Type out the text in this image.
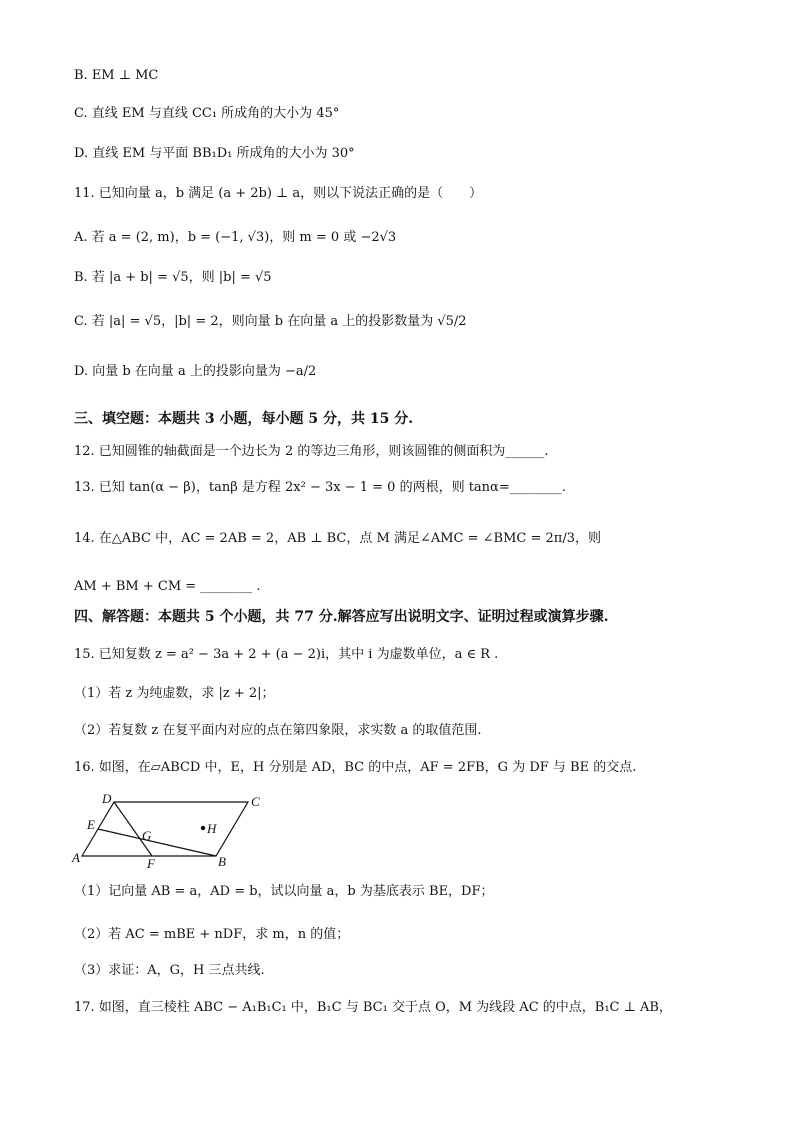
B. EM ⊥ MC
C. 直线 EM 与直线 CC₁ 所成角的大小为 45°
D. 直线 EM 与平面 BB₁D₁ 所成角的大小为 30°
11. 已知向量 a，b 满足 (a + 2b) ⊥ a，则以下说法正确的是（　　）
A. 若 a = (2, m)，b = (−1, √3)，则 m = 0 或 −2√3
B. 若 |a + b| = √5，则 |b| = √5
C. 若 |a| = √5，|b| = 2，则向量 b 在向量 a 上的投影数量为 √5/2
D. 向量 b 在向量 a 上的投影向量为 −a/2
三、填空题：本题共 3 小题，每小题 5 分，共 15 分.
12. 已知圆锥的轴截面是一个边长为 2 的等边三角形，则该圆锥的侧面积为______.
13. 已知 tan(α − β)，tanβ 是方程 2x² − 3x − 1 = 0 的两根，则 tanα=________.
14. 在△ABC 中，AC = 2AB = 2，AB ⊥ BC，点 M 满足∠AMC = ∠BMC = 2π/3，则
AM + BM + CM = ________ .
四、解答题：本题共 5 个小题，共 77 分.解答应写出说明文字、证明过程或演算步骤.
15. 已知复数 z = a² − 3a + 2 + (a − 2)i，其中 i 为虚数单位，a ∈ R .
（1）若 z 为纯虚数，求 |z + 2|；
（2）若复数 z 在复平面内对应的点在第四象限，求实数 a 的取值范围.
16. 如图，在▱ABCD 中，E，H 分别是 AD，BC 的中点，AF = 2FB，G 为 DF 与 BE 的交点.
A	B
C
D
E
F
G	H
（1）记向量 AB = a，AD = b，试以向量 a，b 为基底表示 BE，DF；
（2）若 AC = mBE + nDF，求 m，n 的值；
（3）求证：A，G，H 三点共线.
17. 如图，直三棱柱 ABC − A₁B₁C₁ 中，B₁C 与 BC₁ 交于点 O，M 为线段 AC 的中点，B₁C ⊥ AB，
